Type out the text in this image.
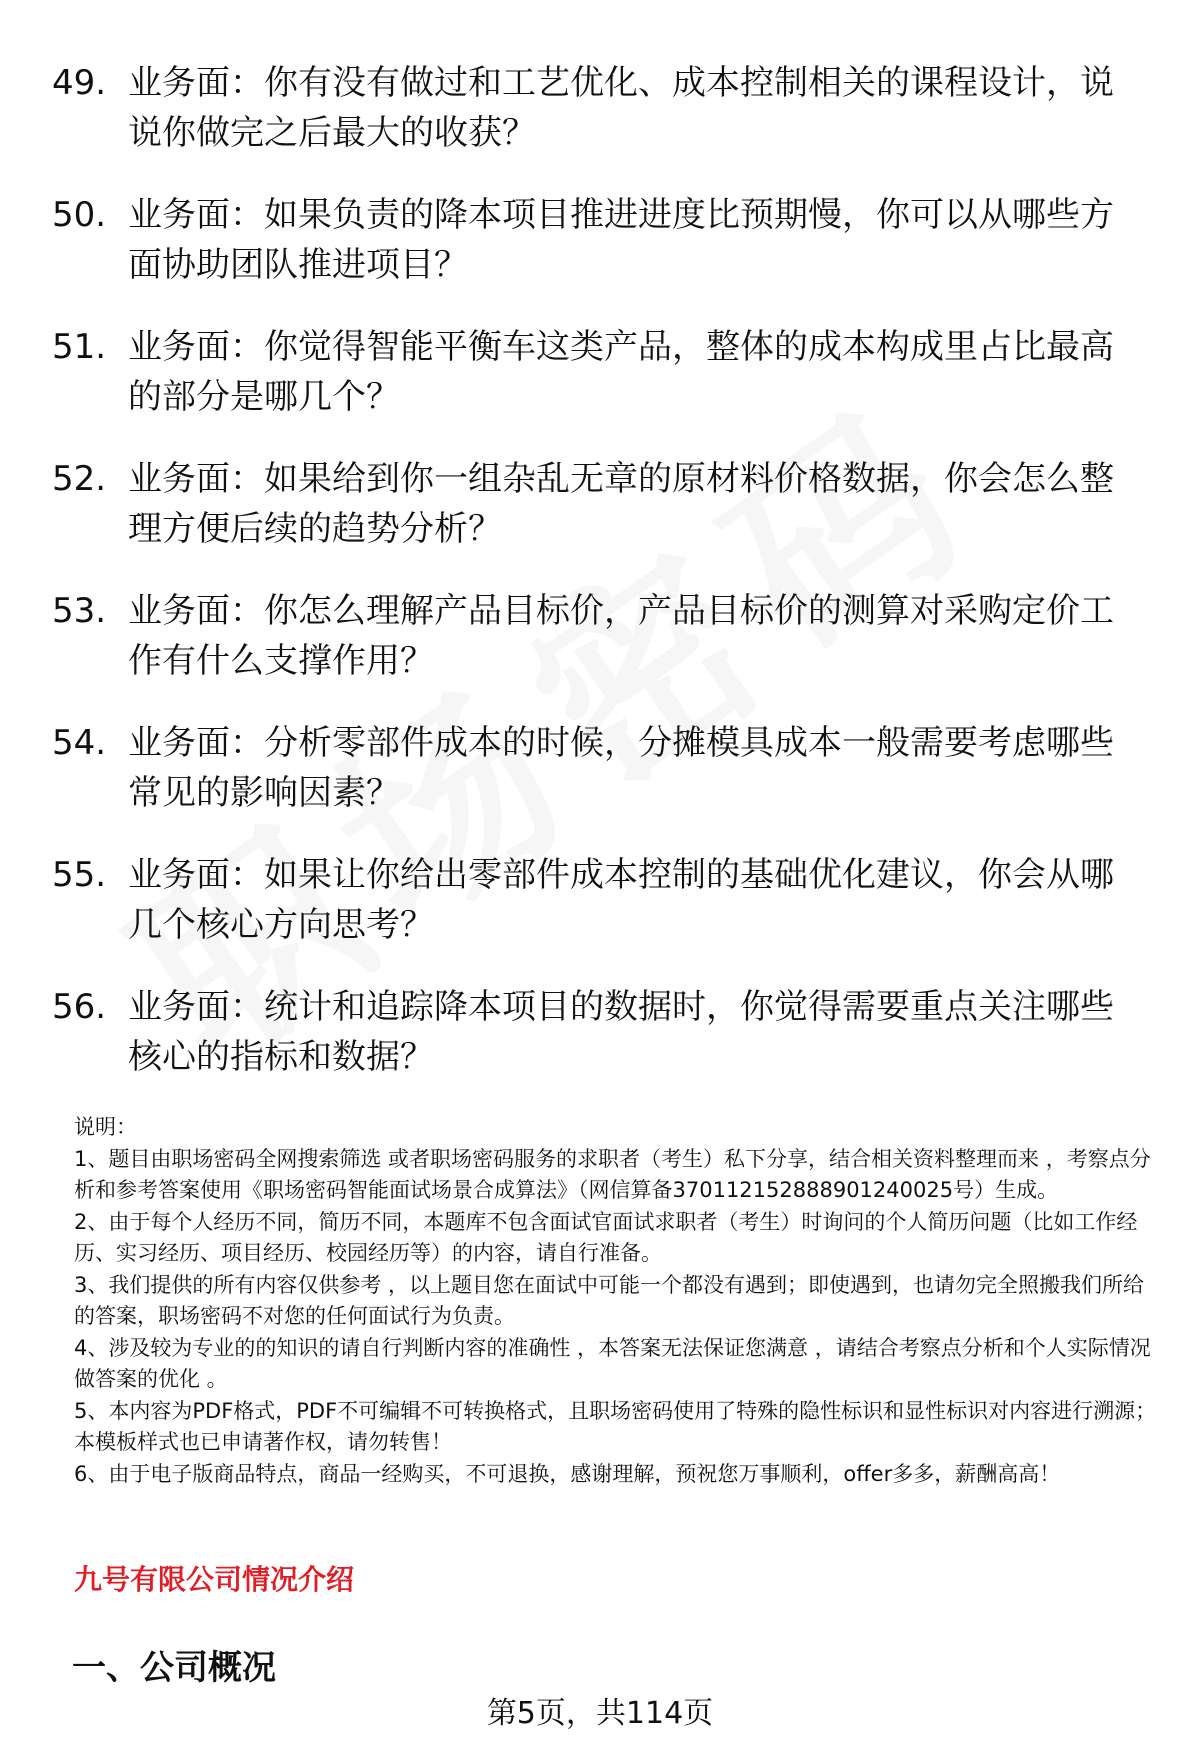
49. 业务面：你有没有做过和工艺优化、成本控制相关的课程设计，说说你做完之后最大的收获？
50. 业务面：如果负责的降本项目推进进度比预期慢，你可以从哪些方面协助团队推进项目？
51. 业务面：你觉得智能平衡车这类产品，整体的成本构成里占比最高的部分是哪几个？
52. 业务面：如果给到你一组杂乱无章的原材料价格数据，你会怎么整理方便后续的趋势分析？
53. 业务面：你怎么理解产品目标价，产品目标价的测算对采购定价工作有什么支撑作用？
54. 业务面：分析零部件成本的时候，分摊模具成本一般需要考虑哪些常见的影响因素？
55. 业务面：如果让你给出零部件成本控制的基础优化建议，你会从哪几个核心方向思考？
56. 业务面：统计和追踪降本项目的数据时，你觉得需要重点关注哪些核心的指标和数据？

说明：

1、题目由职场密码全网搜索筛选 或者职场密码服务的求职者（考生）私下分享，结合相关资料整理而来 ，考察点分析和参考答案使用《职场密码智能面试场景合成算法》（网信算备370112152888901240025号）生成。

2、由于每个人经历不同，简历不同，本题库不包含面试官面试求职者（考生）时询问的个人简历问题（比如工作经历、实习经历、项目经历、校园经历等）的内容，请自行准备。

3、我们提供的所有内容仅供参考 ，以上题目您在面试中可能一个都没有遇到；即使遇到，也请勿完全照搬我们所给的答案，职场密码不对您的任何面试行为负责。

4、涉及较为专业的的知识的请自行判断内容的准确性 ，本答案无法保证您满意 ，请结合考察点分析和个人实际情况做答案的优化 。

5、本内容为PDF格式，PDF不可编辑不可转换格式，且职场密码使用了特殊的隐性标识和显性标识对内容进行溯源；本模板样式也已申请著作权，请勿转售！

6、由于电子版商品特点，商品一经购买，不可退换，感谢理解，预祝您万事顺利，offer多多，薪酬高高！

九号有限公司情况介绍
一、公司概况
第5页，共114页
